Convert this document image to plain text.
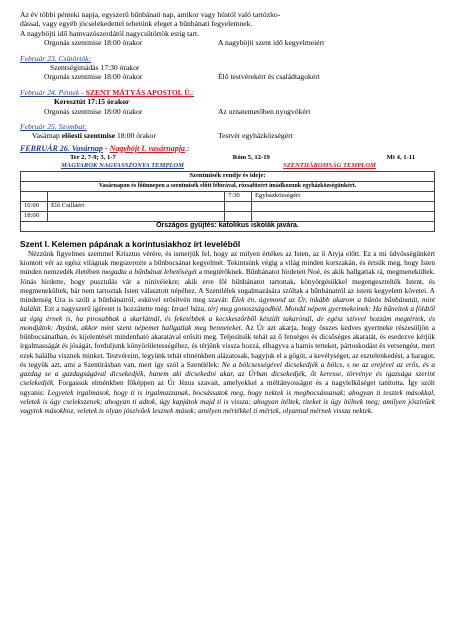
Az év többi pénteki napja, egyszerű bűnbánati nap, amikor vagy hústól való tartózko-

dással, vagy egyéb jócselekedettel tehetünk eleget a bűnbánati fegyelemnek.

A nagyböjti idő hamvazószerdától nagycsütörtök estig tart.

Orgonás szentmise 18:00 órakor	A nagyböjti szent idő kegyelmeiért
Február 23. Csütörtök:
Szentségimádás 17:30 órakor
Orgonás szentmise 18:00 órakor	Élő testvérekért és családtagokért
Február 24. Péntek - SZENT MÁTYÁS APOSTOL Ü.:
Keresztút 17:15 órakor
Orgonás szentmise 18:00 órakor	Az urnatemetőben nyugvókért
Február 25. Szombat:
Vasárnap előesti szentmise 18:00 órakor	Testvér egyházközségért
FEBRUÁR 26. Vasárnap - Nagyböjt I. vasárnapja.:
Ter 2, 7-9; 3, 1-7	Róm 5, 12-19	Mt 4, 1-11
MAGYAROK NAGYASSZONYA TEMPLOM		SZENTHÁROMSÁG TEMPLOM	
Szentmisék rendje és ideje:			
Vasárnapon és főünnepen a szentmisék előtt félórával, rózsafüzért imádkozunk egyházközségünkért.			
		7:30	Egyházközségért
10:00	Élő Csilláért		
18:00			
Országos gyűjtés: katolikus iskolák javára.			
Szent I. Kelemen pápának a korintusiakhoz írt leveléből

Nézzünk figyelmes szemmel Krisztus vérére, és ismerjük fel, hogy az milyen értékes az Isten, az ő Atyja előtt. Ez a mi üdvösségünkért kiontott vér az egész világnak megszerezte a bűnbocsánat kegyelmét. Tekintsünk végig a világ minden korszakán, és értsük meg, hogy Isten minden nemzedék életében megadta a bűnbánat lehetőségét a megtérőknek. Bűnbánatot hirdetett Noé, és akik hallgattak rá, megmenekültek. Jónás hirdette, hogy pusztulás vár a ninivéiekre; akik erre föl bűnbánatot tartottak, könyörgésükkel megengesztelték Istent, és megmenekültek, bár nem tartoztak Isten választott népéhez. A Szentlélek sugalmazására szóltak a bűnbánatról az isteni kegyelem követei. A mindenség Ura is szólt a bűnbánatról, esküvel erősítvén meg szavát: Élek én, úgymond az Úr, inkább akarom a bűnös bűnbánatát, mint halálát. Ezt a nagyszerű ígéretet is hozzátette még: Izrael háza, térj meg gonoszságodból. Mondd népem gyermekeinek: Ha bűneitek a földtől az égig érnek is, ha pirosabbak a skarlátnál, és feketébbek a kecskeszőrből készült takarónál, de egész szívvel hozzám megtértek, és mondjátok: Atyánk, akkor mint szent népemet hallgatlak meg benneteket. Az Úr azt akarja, hogy összes kedves gyermeke részesüljön a bűnbocsánatban, és kijelentését mindenható akaratával erősíti meg. Teljesítsük tehát az ő fenséges és dicsőséges akaratát, és esedezve kérjük irgalmasságát és jóságát, forduljunk könyörületességéhez, és térjünk vissza hozzá, elhagyva a hamis tetteket, pártoskodást és versengést, mert ezek halálba visznek minket. Testvéreim, legyünk tehát elménkben alázatosak, hagyjuk el a gőgöt, a kevélységet, az esztelenkedést, a haragot, és tegyük azt, ami a Szentírásban van, mert így szól a Szentlélek: Ne a bölcsességével dicsekedjék a bölcs, s ne az erejével az erős, és a gazdag se a gazdagságával dicsekedjék, hanem aki dicsekedni akar, az Úrban dicsekedjék, őt keresse, törvénye és igazsága szerint cselekedjék. Forgassuk elménkben főképpen az Úr Jézus szavait, amelyekkel a méltányosságot és a nagylelkűséget tanította. Így szólt ugyanis: Legyetek irgalmasok, hogy ti is irgalmazzanak, bocsássatok meg, hogy nektek is megbocsássanak; ahogyan ti tesztek másokkal, veletek is úgy cselekszenek; ahogyan ti adtok, úgy kapjátok majd ti is vissza; ahogyan ítéltek, titeket is úgy ítélnek meg; amilyen jószívűek vagytok másokhoz, veletek is olyan jószívűek lesznek mások; amilyen mértékkel ti mértek, olyannal mérnek vissza nektek.
